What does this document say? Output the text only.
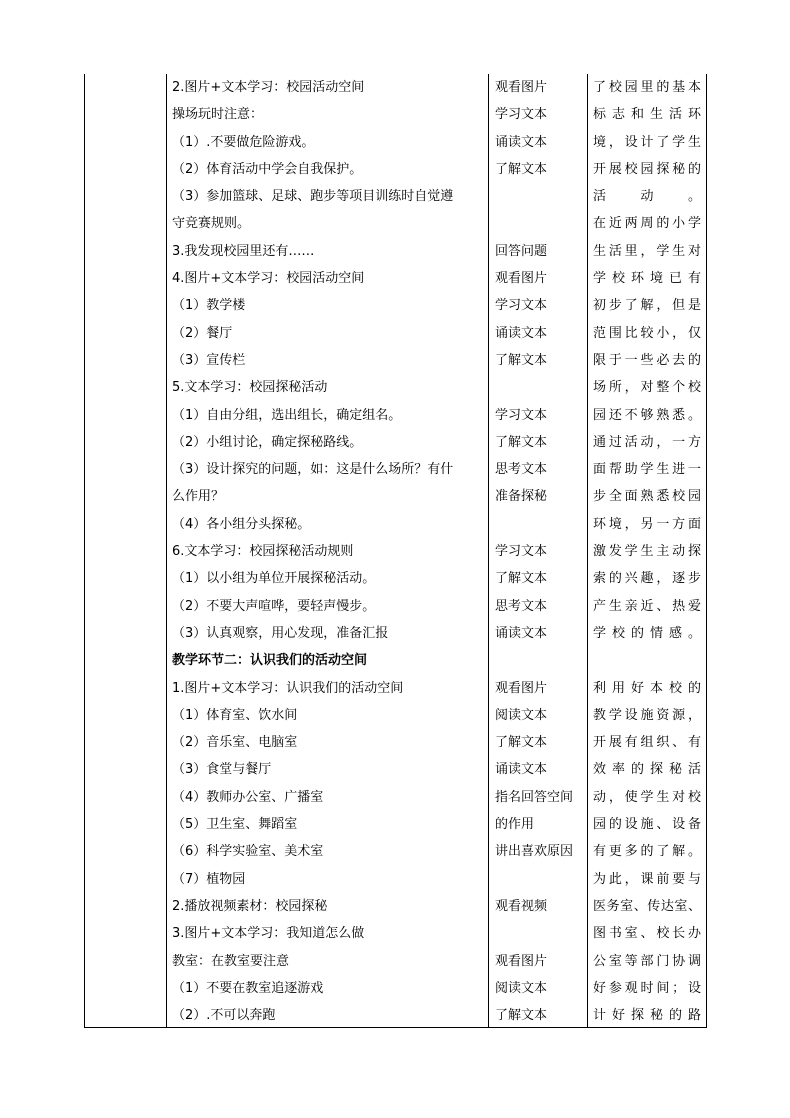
2.图片+文本学习：校园活动空间
操场玩时注意：
（1）.不要做危险游戏。
（2）体育活动中学会自我保护。
（3）参加篮球、足球、跑步等项目训练时自觉遵
守竞赛规则。
3.我发现校园里还有……
4.图片+文本学习：校园活动空间
（1）教学楼
（2）餐厅
（3）宣传栏
5.文本学习：校园探秘活动
（1）自由分组，选出组长，确定组名。
（2）小组讨论，确定探秘路线。
（3）设计探究的问题，如：这是什么场所？有什
么作用？
（4）各小组分头探秘。
6.文本学习：校园探秘活动规则
（1）以小组为单位开展探秘活动。
（2）不要大声喧哗，要轻声慢步。
（3）认真观察，用心发现，准备汇报
教学环节二：认识我们的活动空间
1.图片+文本学习：认识我们的活动空间
（1）体育室、饮水间
（2）音乐室、电脑室
（3）食堂与餐厅
（4）教师办公室、广播室
（5）卫生室、舞蹈室
（6）科学实验室、美术室
（7）植物园
2.播放视频素材：校园探秘
3.图片+文本学习：我知道怎么做
教室：在教室要注意
（1）不要在教室追逐游戏
（2）.不可以奔跑
观看图片
学习文本
诵读文本
了解文本
回答问题
观看图片
学习文本
诵读文本
了解文本
学习文本
了解文本
思考文本
准备探秘
学习文本
了解文本
思考文本
诵读文本
观看图片
阅读文本
了解文本
诵读文本
指名回答空间
的作用
讲出喜欢原因
观看视频
观看图片
阅读文本
了解文本
了校园里的基本
标志和生活环
境，设计了学生
开展校园探秘的
活动。
在近两周的小学
生活里，学生对
学校环境已有
初步了解，但是
范围比较小，仅
限于一些必去的
场所，对整个校
园还不够熟悉。
通过活动，一方
面帮助学生进一
步全面熟悉校园
环境，另一方面
激发学生主动探
索的兴趣，逐步
产生亲近、热爱
学校的情感。
利用好本校的
教学设施资源，
开展有组织、有
效率的探秘活
动，使学生对校
园的设施、设备
有更多的了解。
为此，课前要与
医务室、传达室、
图书室、校长办
公室等部门协调
好参观时间；设
计好探秘的路
